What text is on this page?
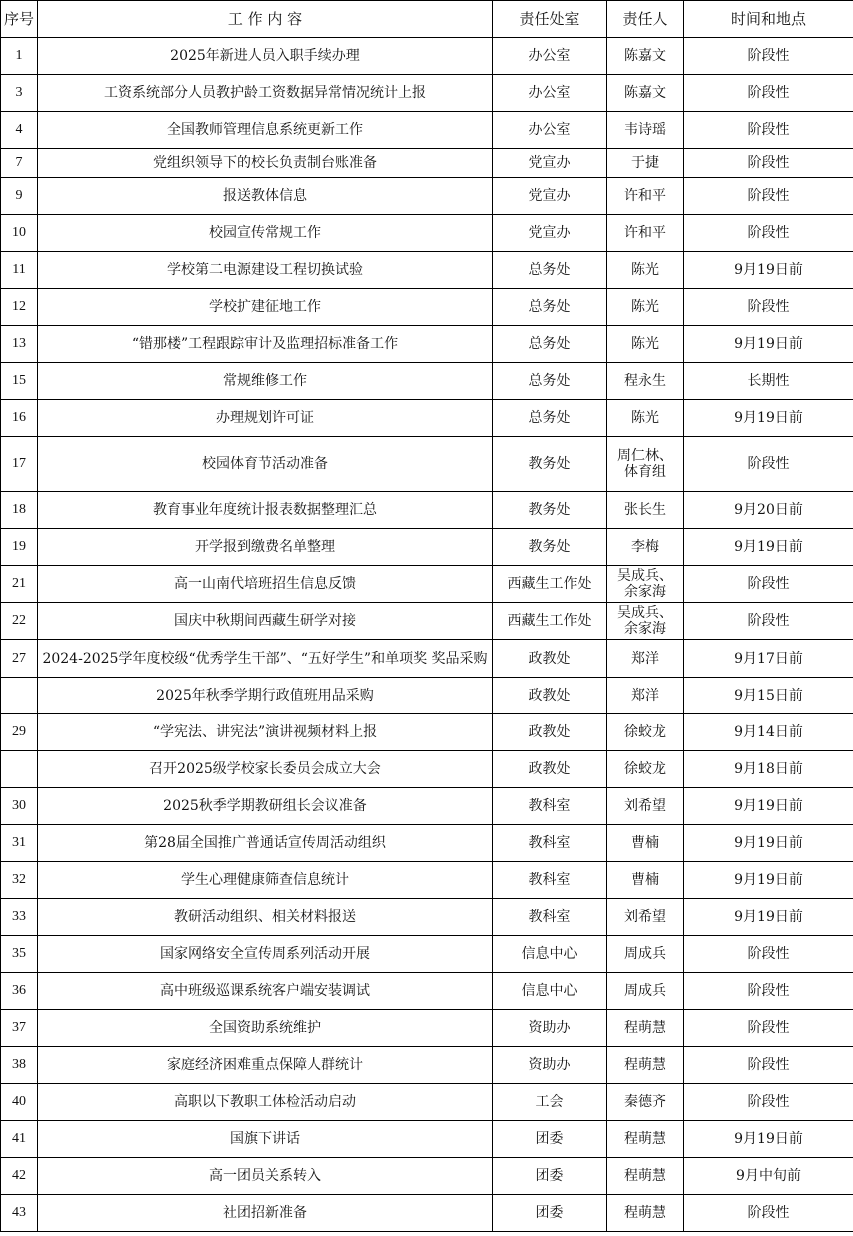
序号	工 作 内 容	责任处室	责任人	时间和地点
1	2025年新进人员入职手续办理	办公室	陈嘉文	阶段性
3	工资系统部分人员教护龄工资数据异常情况统计上报	办公室	陈嘉文	阶段性
4	全国教师管理信息系统更新工作	办公室	韦诗瑶	阶段性
7	党组织领导下的校长负责制台账准备	党宣办	于捷	阶段性
9	报送教体信息	党宣办	许和平	阶段性
10	校园宣传常规工作	党宣办	许和平	阶段性
11	学校第二电源建设工程切换试验	总务处	陈光	9月19日前
12	学校扩建征地工作	总务处	陈光	阶段性
13	“错那楼”工程跟踪审计及监理招标准备工作	总务处	陈光	9月19日前
15	常规维修工作	总务处	程永生	长期性
16	办理规划许可证	总务处	陈光	9月19日前
17	校园体育节活动准备	教务处	周仁林、
体育组	阶段性
18	教育事业年度统计报表数据整理汇总	教务处	张长生	9月20日前
19	开学报到缴费名单整理	教务处	李梅	9月19日前
21	高一山南代培班招生信息反馈	西藏生工作处	吴成兵、
余家海	阶段性
22	国庆中秋期间西藏生研学对接	西藏生工作处	吴成兵、
余家海	阶段性
27	2024-2025学年度校级“优秀学生干部”、“五好学生”和单项奖 奖品采购	政教处	郑洋	9月17日前
	2025年秋季学期行政值班用品采购	政教处	郑洋	9月15日前
29	“学宪法、讲宪法”演讲视频材料上报	政教处	徐蛟龙	9月14日前
	召开2025级学校家长委员会成立大会	政教处	徐蛟龙	9月18日前
30	2025秋季学期教研组长会议准备	教科室	刘希望	9月19日前
31	第28届全国推广普通话宣传周活动组织	教科室	曹楠	9月19日前
32	学生心理健康筛查信息统计	教科室	曹楠	9月19日前
33	教研活动组织、相关材料报送	教科室	刘希望	9月19日前
35	国家网络安全宣传周系列活动开展	信息中心	周成兵	阶段性
36	高中班级巡课系统客户端安装调试	信息中心	周成兵	阶段性
37	全国资助系统维护	资助办	程萌慧	阶段性
38	家庭经济困难重点保障人群统计	资助办	程萌慧	阶段性
40	高职以下教职工体检活动启动	工会	秦德齐	阶段性
41	国旗下讲话	团委	程萌慧	9月19日前
42	高一团员关系转入	团委	程萌慧	9月中旬前
43	社团招新准备	团委	程萌慧	阶段性
